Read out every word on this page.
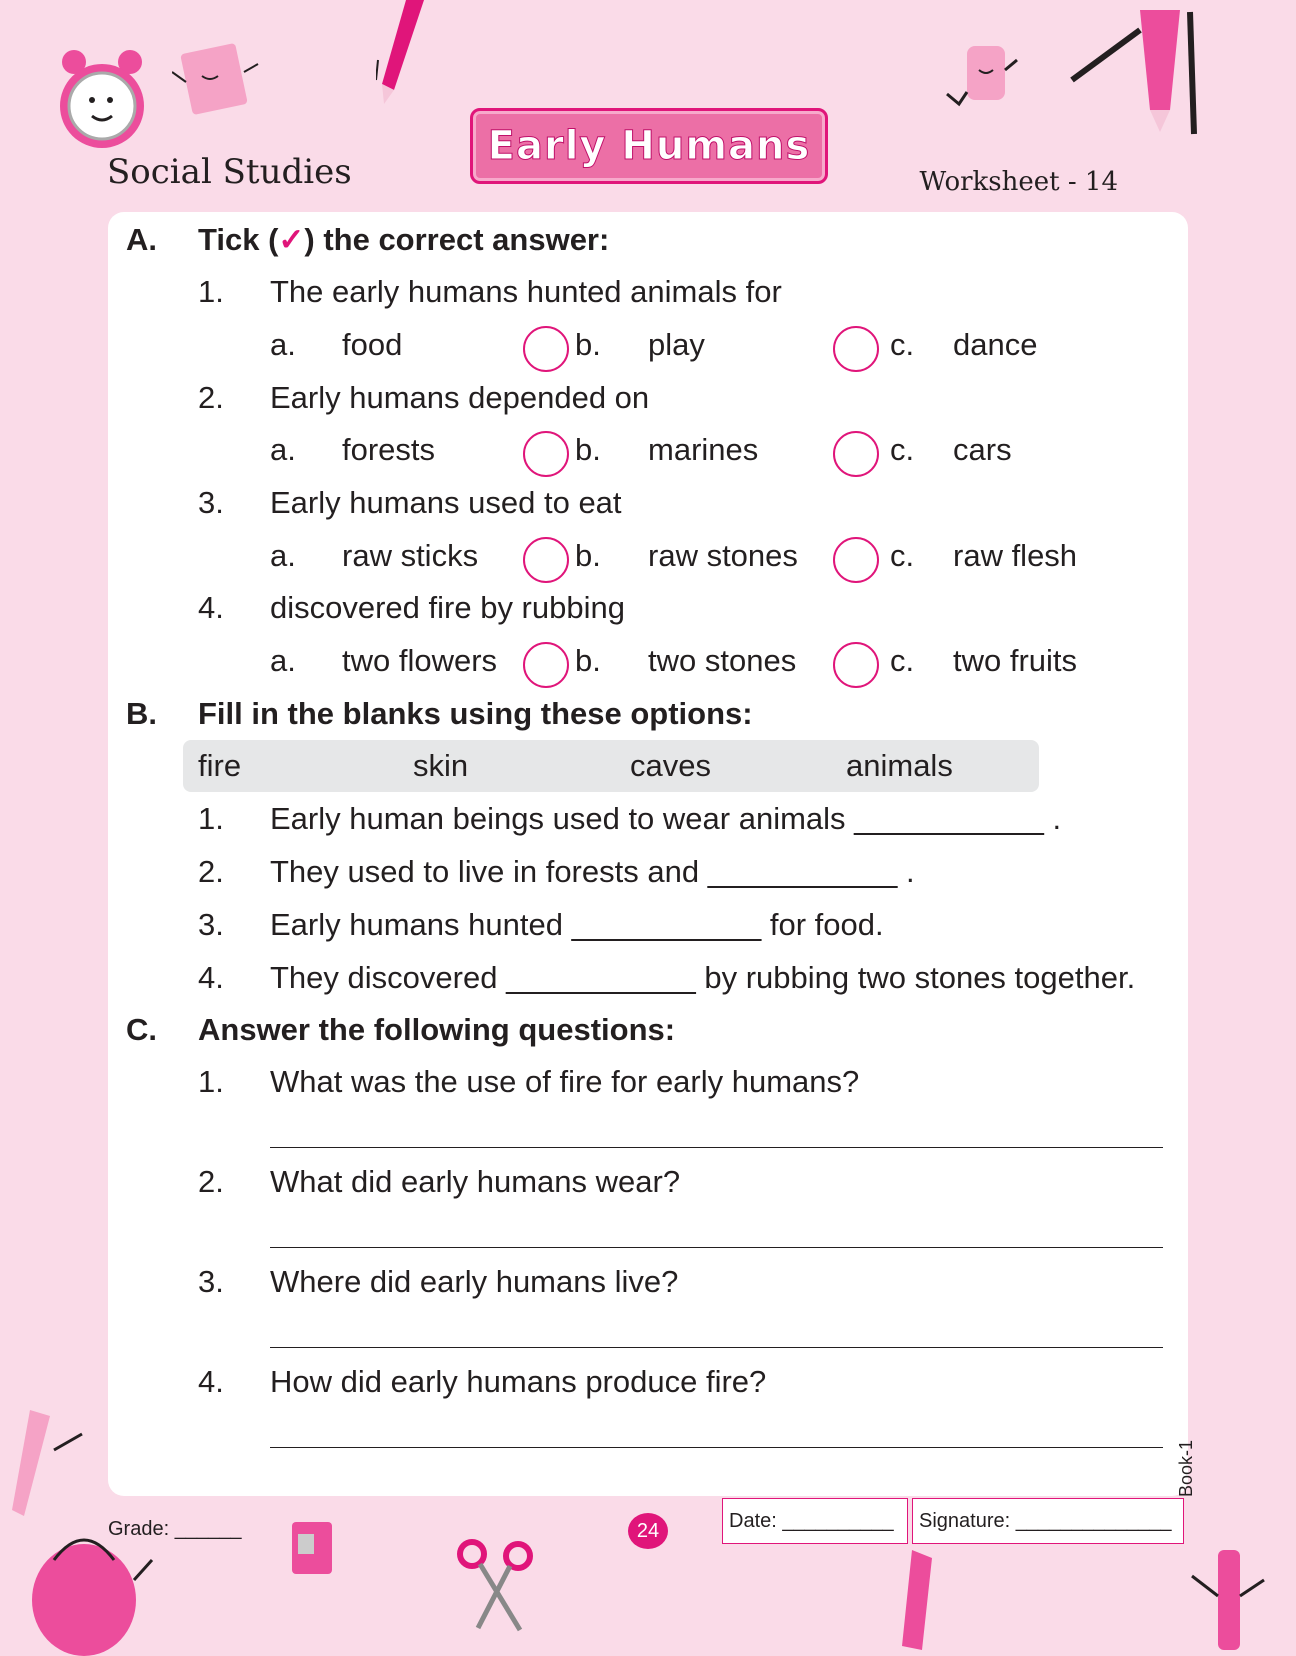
Social Studies
Early Humans
Worksheet - 14
A. Tick (✓) the correct answer:
1. The early humans hunted animals for
a. food	b. play	c. dance
2. Early humans depended on
a. forests	b. marines	c. cars
3. Early humans used to eat
a. raw sticks	b. raw stones	c. raw flesh
4. discovered fire by rubbing
a. two flowers	b. two stones	c. two fruits
B. Fill in the blanks using these options:
fire	skin	caves	animals
1. Early human beings used to wear animals ___________ .
2. They used to live in forests and ___________ .
3. Early humans hunted ___________ for food.
4. They discovered ___________ by rubbing two stones together.
C. Answer the following questions:
1. What was the use of fire for early humans?
2. What did early humans wear?
3. Where did early humans live?
4. How did early humans produce fire?
Book-1
Grade: ______	24	Date: __________	Signature: ______________
